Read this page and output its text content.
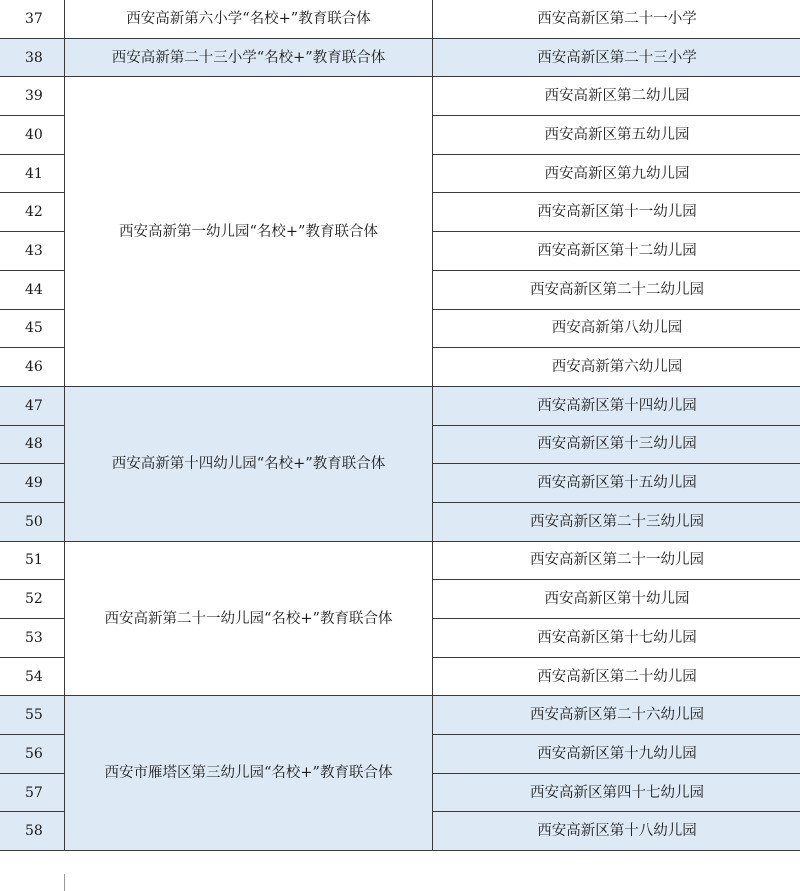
37	西安高新第六小学“名校+”教育联合体	西安高新区第二十一小学
38	西安高新第二十三小学“名校+”教育联合体	西安高新区第二十三小学
39	西安高新第一幼儿园“名校+”教育联合体	西安高新区第二幼儿园
40		西安高新区第五幼儿园
41		西安高新区第九幼儿园
42		西安高新区第十一幼儿园
43		西安高新区第十二幼儿园
44		西安高新区第二十二幼儿园
45		西安高新第八幼儿园
46		西安高新第六幼儿园
47	西安高新第十四幼儿园“名校+”教育联合体	西安高新区第十四幼儿园
48		西安高新区第十三幼儿园
49		西安高新区第十五幼儿园
50		西安高新区第二十三幼儿园
51	西安高新第二十一幼儿园“名校+”教育联合体	西安高新区第二十一幼儿园
52		西安高新区第十幼儿园
53		西安高新区第十七幼儿园
54		西安高新区第二十幼儿园
55	西安市雁塔区第三幼儿园“名校+”教育联合体	西安高新区第二十六幼儿园
56		西安高新区第十九幼儿园
57		西安高新区第四十七幼儿园
58		西安高新区第十八幼儿园
